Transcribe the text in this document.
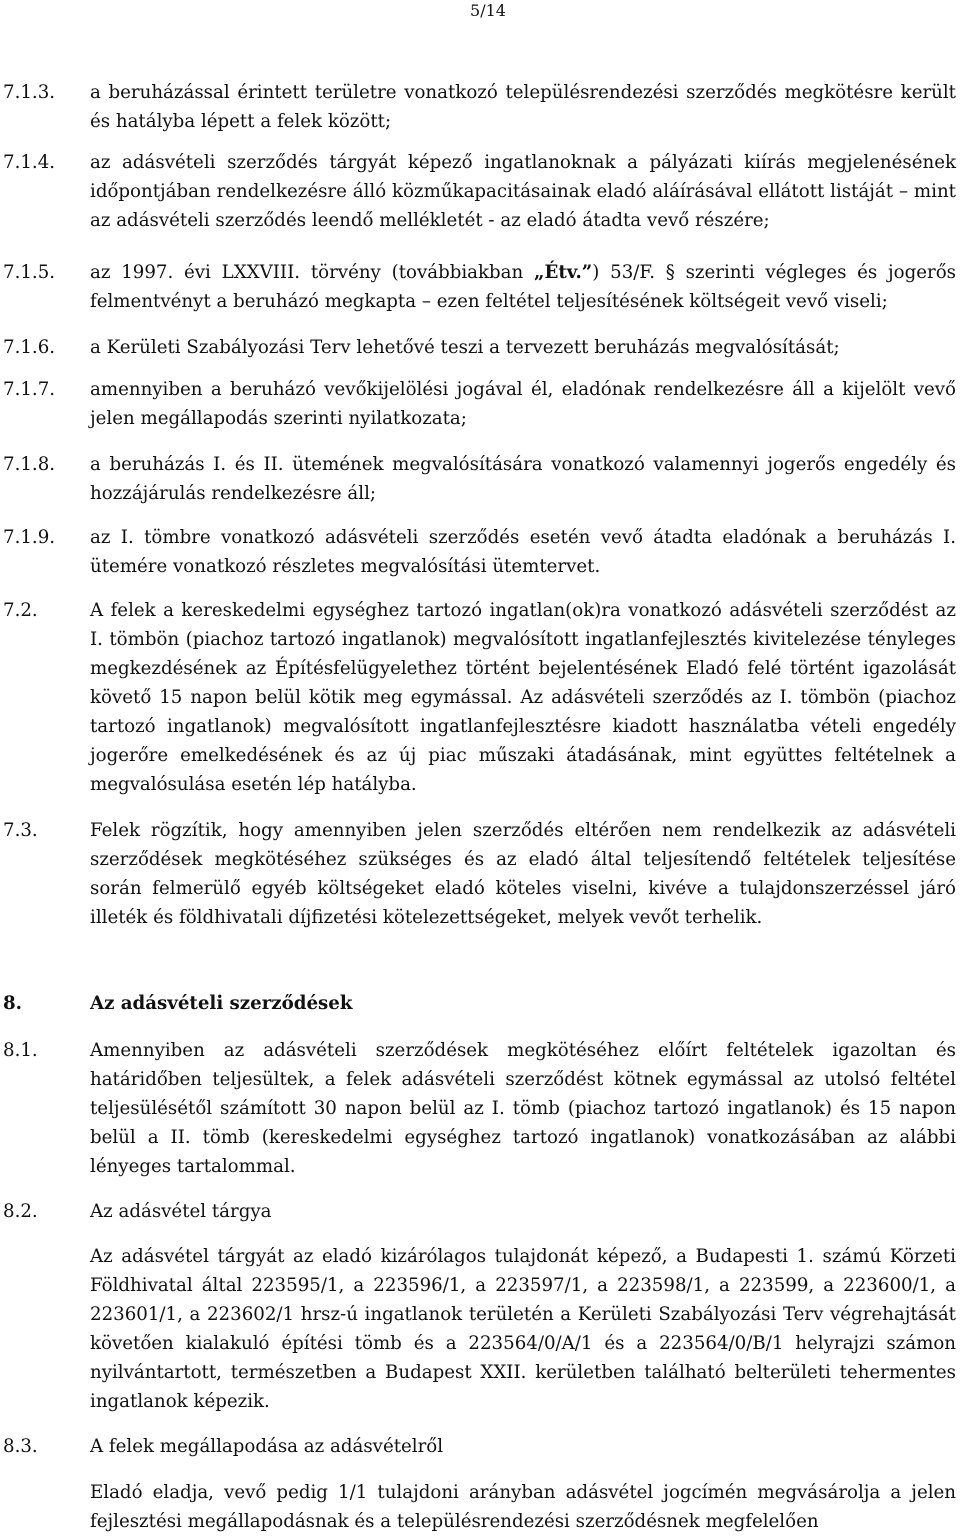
5/14
7.1.3. a beruházással érintett területre vonatkozó településrendezési szerződés megkötésre került és hatályba lépett a felek között;
7.1.4. az adásvételi szerződés tárgyát képező ingatlanoknak a pályázati kiírás megjelenésének időpontjában rendelkezésre álló közműkapacitásainak eladó aláírásával ellátott listáját – mint az adásvételi szerződés leendő mellékletét - az eladó átadta vevő részére;
7.1.5. az 1997. évi LXXVIII. törvény (továbbiakban „Étv.”) 53/F. § szerinti végleges és jogerős felmentvényt a beruházó megkapta – ezen feltétel teljesítésének költségeit vevő viseli;
7.1.6. a Kerületi Szabályozási Terv lehetővé teszi a tervezett beruházás megvalósítását;
7.1.7. amennyiben a beruházó vevőkijelölési jogával él, eladónak rendelkezésre áll a kijelölt vevő jelen megállapodás szerinti nyilatkozata;
7.1.8. a beruházás I. és II. ütemének megvalósítására vonatkozó valamennyi jogerős engedély és hozzájárulás rendelkezésre áll;
7.1.9. az I. tömbre vonatkozó adásvételi szerződés esetén vevő átadta eladónak a beruházás I. ütemére vonatkozó részletes megvalósítási ütemtervet.
7.2.	A felek a kereskedelmi egységhez tartozó ingatlan(ok)ra vonatkozó adásvételi szerződést az I. tömbön (piachoz tartozó ingatlanok) megvalósított ingatlanfejlesztés kivitelezése tényleges megkezdésének az Építésfelügyelethez történt bejelentésének Eladó felé történt igazolását követő 15 napon belül kötik meg egymással. Az adásvételi szerződés az I. tömbön (piachoz tartozó ingatlanok) megvalósított ingatlanfejlesztésre kiadott használatba vételi engedély jogerőre emelkedésének és az új piac műszaki átadásának, mint együttes feltételnek a megvalósulása esetén lép hatályba.
7.3.	Felek rögzítik, hogy amennyiben jelen szerződés eltérően nem rendelkezik az adásvételi szerződések megkötéséhez szükséges és az eladó által teljesítendő feltételek teljesítése során felmerülő egyéb költségeket eladó köteles viselni, kivéve a tulajdonszerzéssel járó illeték és földhivatali díjfizetési kötelezettségeket, melyek vevőt terhelik.
8.	Az adásvételi szerződések
8.1.	Amennyiben az adásvételi szerződések megkötéséhez előírt feltételek igazoltan és határidőben teljesültek, a felek adásvételi szerződést kötnek egymással az utolsó feltétel teljesülésétől számított 30 napon belül az I. tömb (piachoz tartozó ingatlanok) és 15 napon belül a II. tömb (kereskedelmi egységhez tartozó ingatlanok) vonatkozásában az alábbi lényeges tartalommal.
8.2.	Az adásvétel tárgya
Az adásvétel tárgyát az eladó kizárólagos tulajdonát képező, a Budapesti 1. számú Körzeti Földhivatal által 223595/1, a 223596/1, a 223597/1, a 223598/1, a 223599, a 223600/1, a 223601/1, a 223602/1 hrsz-ú ingatlanok területén a Kerületi Szabályozási Terv végrehajtását követően kialakuló építési tömb és a 223564/0/A/1 és a 223564/0/B/1 helyrajzi számon nyilvántartott, természetben a Budapest XXII. kerületben található belterületi tehermentes ingatlanok képezik.
8.3.	A felek megállapodása az adásvételről
Eladó eladja, vevő pedig 1/1 tulajdoni arányban adásvétel jogcímén megvásárolja a jelen fejlesztési megállapodásnak és a településrendezési szerződésnek megfelelően
